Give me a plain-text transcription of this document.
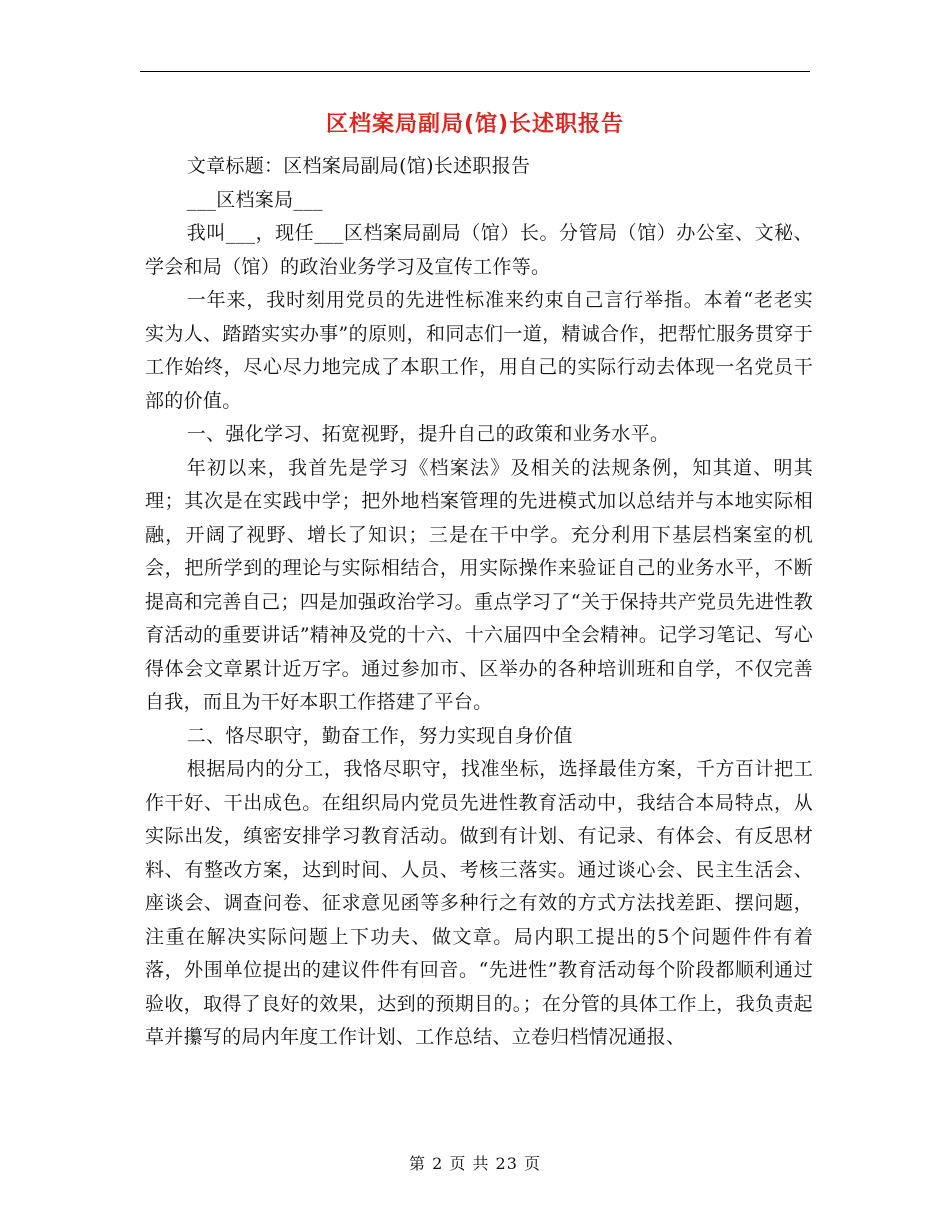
区档案局副局(馆)长述职报告

文章标题：区档案局副局(馆)长述职报告

___区档案局___

我叫___，现任___区档案局副局（馆）长。分管局（馆）办公室、文秘、学会和局（馆）的政治业务学习及宣传工作等。

一年来，我时刻用党员的先进性标准来约束自己言行举指。本着“老老实实为人、踏踏实实办事”的原则，和同志们一道，精诚合作，把帮忙服务贯穿于工作始终，尽心尽力地完成了本职工作，用自己的实际行动去体现一名党员干部的价值。

一、强化学习、拓宽视野，提升自己的政策和业务水平。

年初以来，我首先是学习《档案法》及相关的法规条例，知其道、明其理；其次是在实践中学；把外地档案管理的先进模式加以总结并与本地实际相融，开阔了视野、增长了知识；三是在干中学。充分利用下基层档案室的机会，把所学到的理论与实际相结合，用实际操作来验证自己的业务水平，不断提高和完善自己；四是加强政治学习。重点学习了“关于保持共产党员先进性教育活动的重要讲话”精神及党的十六、十六届四中全会精神。记学习笔记、写心得体会文章累计近万字。通过参加市、区举办的各种培训班和自学，不仅完善自我，而且为干好本职工作搭建了平台。

二、恪尽职守，勤奋工作，努力实现自身价值

根据局内的分工，我恪尽职守，找准坐标，选择最佳方案，千方百计把工作干好、干出成色。在组织局内党员先进性教育活动中，我结合本局特点，从实际出发，缜密安排学习教育活动。做到有计划、有记录、有体会、有反思材料、有整改方案，达到时间、人员、考核三落实。通过谈心会、民主生活会、座谈会、调查问卷、征求意见函等多种行之有效的方式方法找差距、摆问题，注重在解决实际问题上下功夫、做文章。局内职工提出的5个问题件件有着落，外围单位提出的建议件件有回音。“先进性”教育活动每个阶段都顺利通过验收，取得了良好的效果，达到的预期目的。；在分管的具体工作上，我负责起草并攥写的局内年度工作计划、工作总结、立卷归档情况通报、

第 2 页 共 23 页
